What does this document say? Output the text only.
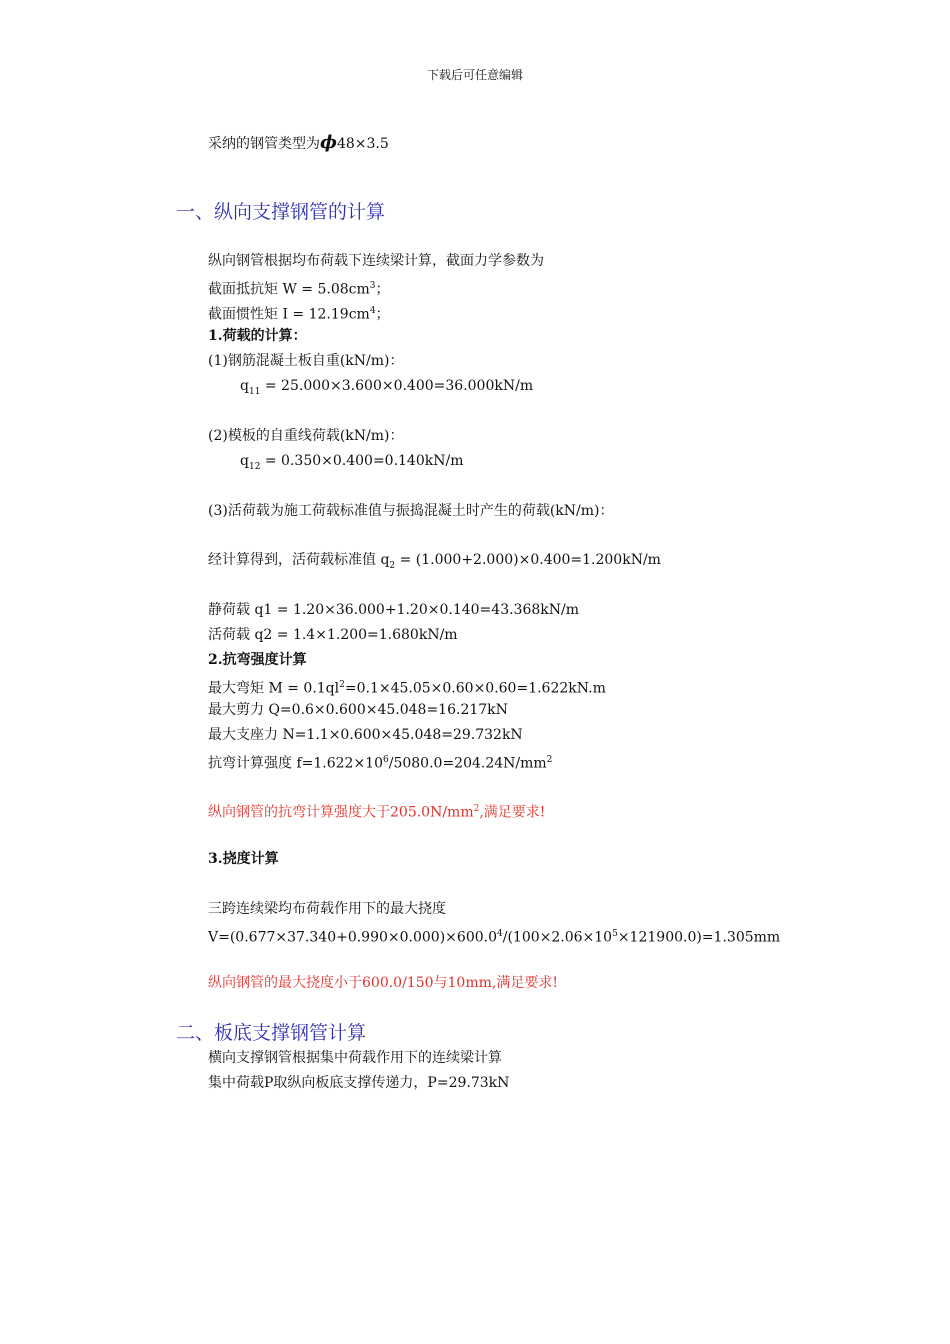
下载后可任意编辑
采纳的钢管类型为ϕ48×3.5
一、纵向支撑钢管的计算
纵向钢管根据均布荷载下连续梁计算，截面力学参数为
截面抵抗矩 $W = 5.08cm^3$；
截面惯性矩 $I = 12.19cm^4$；
1.荷载的计算：
(1)钢筋混凝土板自重(kN/m)：
$q_{11} = 25.000\times 3.600\times 0.400=36.000kN/m$
(2)模板的自重线荷载(kN/m)：
$q_{12} = 0.350\times 0.400=0.140kN/m$
(3)活荷载为施工荷载标准值与振捣混凝土时产生的荷载(kN/m)：
经计算得到，活荷载标准值 $q_2 = (1.000+2.000)\times 0.400=1.200kN/m$
静荷载 q1 = 1.20×36.000+1.20×0.140=43.368kN/m
活荷载 q2 = 1.4×1.200=1.680kN/m
2.抗弯强度计算
最大弯矩 $M = 0.1ql^2=0.1\times 45.05\times 0.60\times 0.60=1.622kN.m$
最大剪力 Q=0.6×0.600×45.048=16.217kN
最大支座力 N=1.1×0.600×45.048=29.732kN
抗弯计算强度 $f=1.622\times 10^6/5080.0=204.24N/mm^2$
纵向钢管的抗弯计算强度大于$205.0N/mm^2$,满足要求!
3.挠度计算
三跨连续梁均布荷载作用下的最大挠度
$V=(0.677\times 37.340+0.990\times 0.000)\times 600.0^4/(100\times 2.06\times 10^5\times 121900.0)=1.305mm$
纵向钢管的最大挠度小于600.0/150与10mm,满足要求!
二、板底支撑钢管计算
横向支撑钢管根据集中荷载作用下的连续梁计算
集中荷载P取纵向板底支撑传递力，P=29.73kN
